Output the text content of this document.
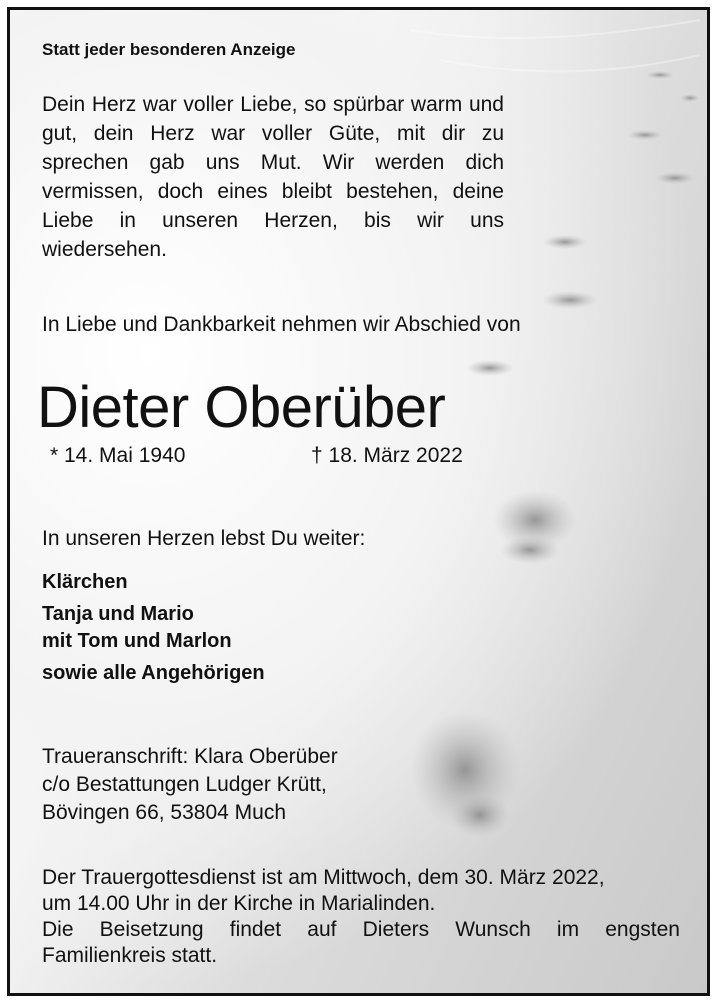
Statt jeder besonderen Anzeige

Dein Herz war voller Liebe, so spürbar warm und gut, dein Herz war voller Güte, mit dir zu sprechen gab uns Mut. Wir werden dich vermissen, doch eines bleibt bestehen, deine Liebe in unseren Herzen, bis wir uns wiedersehen.

In Liebe und Dankbarkeit nehmen wir Abschied von

Dieter Oberüber

* 14. Mai 1940	† 18. März 2022

In unseren Herzen lebst Du weiter:

Klärchen

Tanja und Mario

mit Tom und Marlon

sowie alle Angehörigen

Traueranschrift: Klara Oberüber
c/o Bestattungen Ludger Krütt,
Bövingen 66, 53804 Much
Der Trauergottesdienst ist am Mittwoch, dem 30. März 2022,
um 14.00 Uhr in der Kirche in Marialinden.
Die Beisetzung findet auf Dieters Wunsch im engsten
Familienkreis statt.
